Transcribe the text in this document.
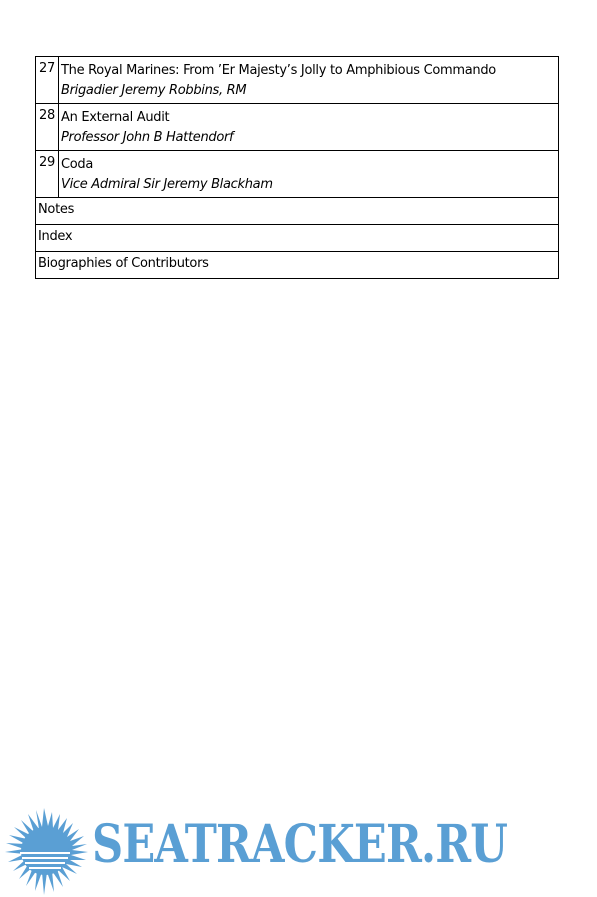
27	The Royal Marines: From ’Er Majesty’s Jolly to Amphibious Commando
Brigadier Jeremy Robbins, RM

28	An External Audit
Professor John B Hattendorf

29	Coda
Vice Admiral Sir Jeremy Blackham

Notes	
Index	
Biographies of Contributors	
SEATRACKER.RU
